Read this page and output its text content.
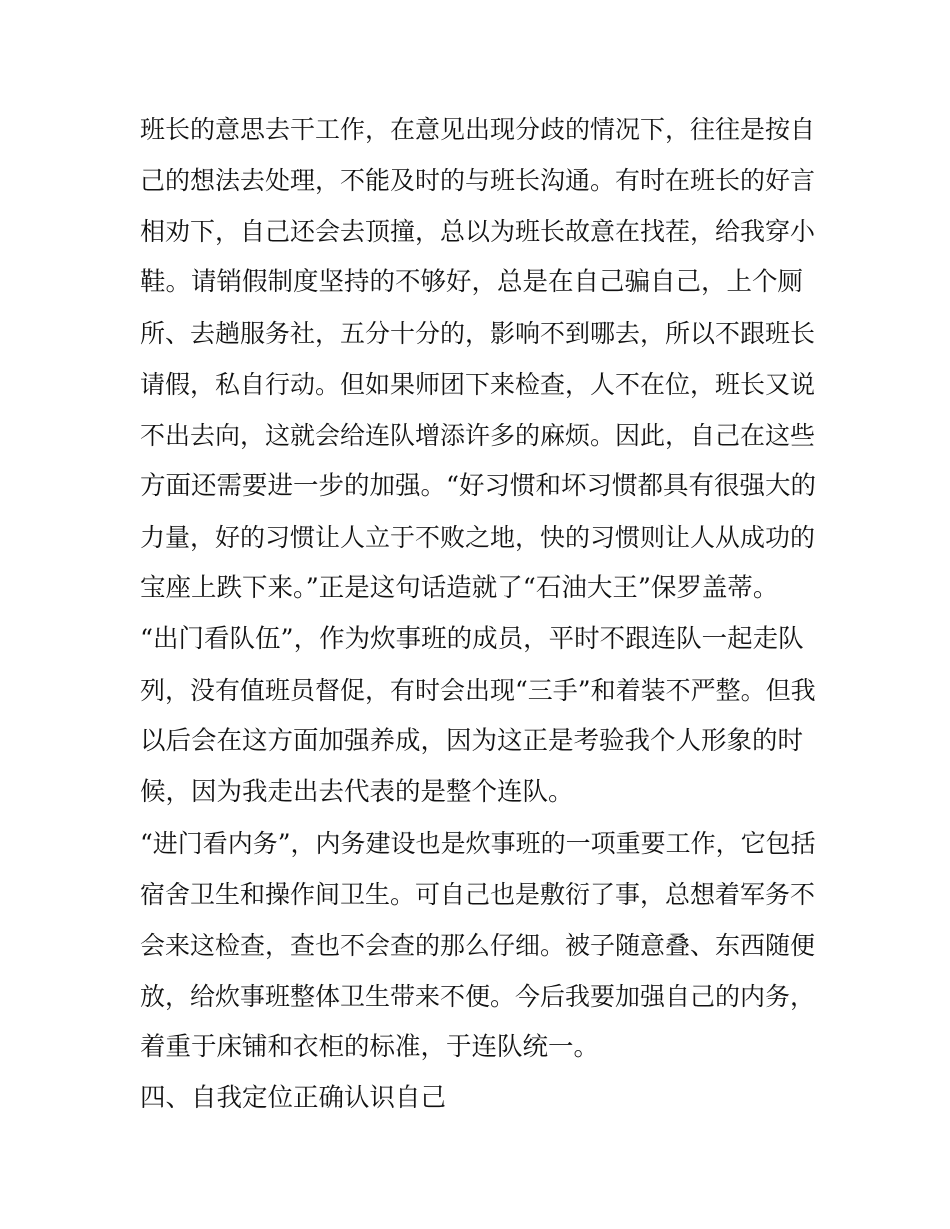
班长的意思去干工作，在意见出现分歧的情况下，往往是按自
己的想法去处理，不能及时的与班长沟通。有时在班长的好言
相劝下，自己还会去顶撞，总以为班长故意在找茬，给我穿小
鞋。请销假制度坚持的不够好，总是在自己骗自己，上个厕
所、去趟服务社，五分十分的，影响不到哪去，所以不跟班长
请假，私自行动。但如果师团下来检查，人不在位，班长又说
不出去向，这就会给连队增添许多的麻烦。因此，自己在这些
方面还需要进一步的加强。“好习惯和坏习惯都具有很强大的
力量，好的习惯让人立于不败之地，快的习惯则让人从成功的
宝座上跌下来。”正是这句话造就了“石油大王”保罗盖蒂。
“出门看队伍”，作为炊事班的成员，平时不跟连队一起走队
列，没有值班员督促，有时会出现“三手”和着装不严整。但我
以后会在这方面加强养成，因为这正是考验我个人形象的时
候，因为我走出去代表的是整个连队。
“进门看内务”，内务建设也是炊事班的一项重要工作，它包括
宿舍卫生和操作间卫生。可自己也是敷衍了事，总想着军务不
会来这检查，查也不会查的那么仔细。被子随意叠、东西随便
放，给炊事班整体卫生带来不便。今后我要加强自己的内务，
着重于床铺和衣柜的标准，于连队统一。
四、自我定位正确认识自己
